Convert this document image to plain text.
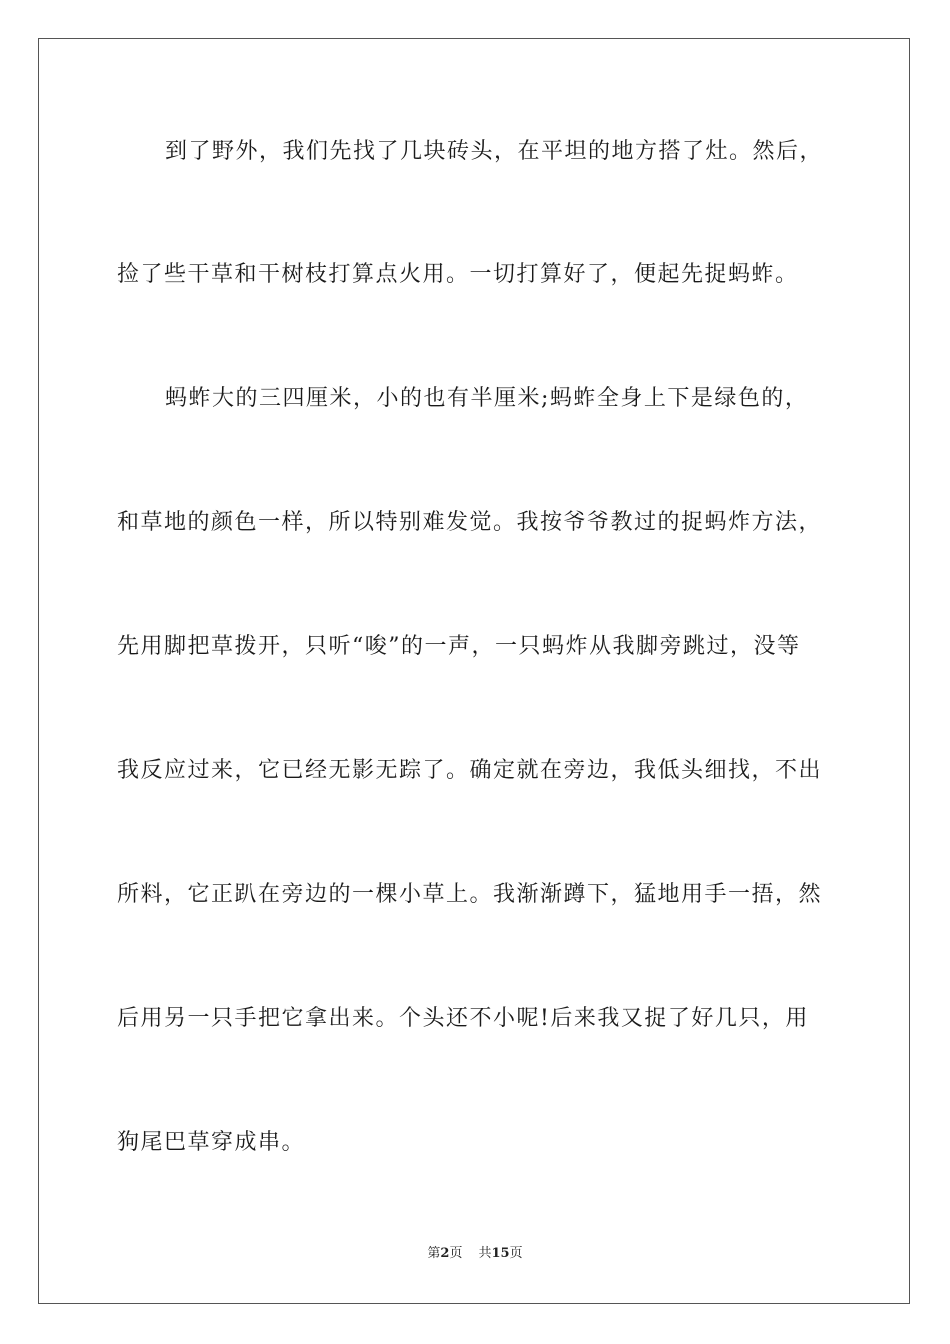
到了野外，我们先找了几块砖头，在平坦的地方搭了灶。然后，
捡了些干草和干树枝打算点火用。一切打算好了，便起先捉蚂蚱。
蚂蚱大的三四厘米，小的也有半厘米;蚂蚱全身上下是绿色的，
和草地的颜色一样，所以特别难发觉。我按爷爷教过的捉蚂炸方法，
先用脚把草拨开，只听“唆”的一声，一只蚂炸从我脚旁跳过，没等
我反应过来，它已经无影无踪了。确定就在旁边，我低头细找，不出
所料，它正趴在旁边的一棵小草上。我渐渐蹲下，猛地用手一捂，然
后用另一只手把它拿出来。个头还不小呢!后来我又捉了好几只，用
狗尾巴草穿成串。
第2页 共15页
